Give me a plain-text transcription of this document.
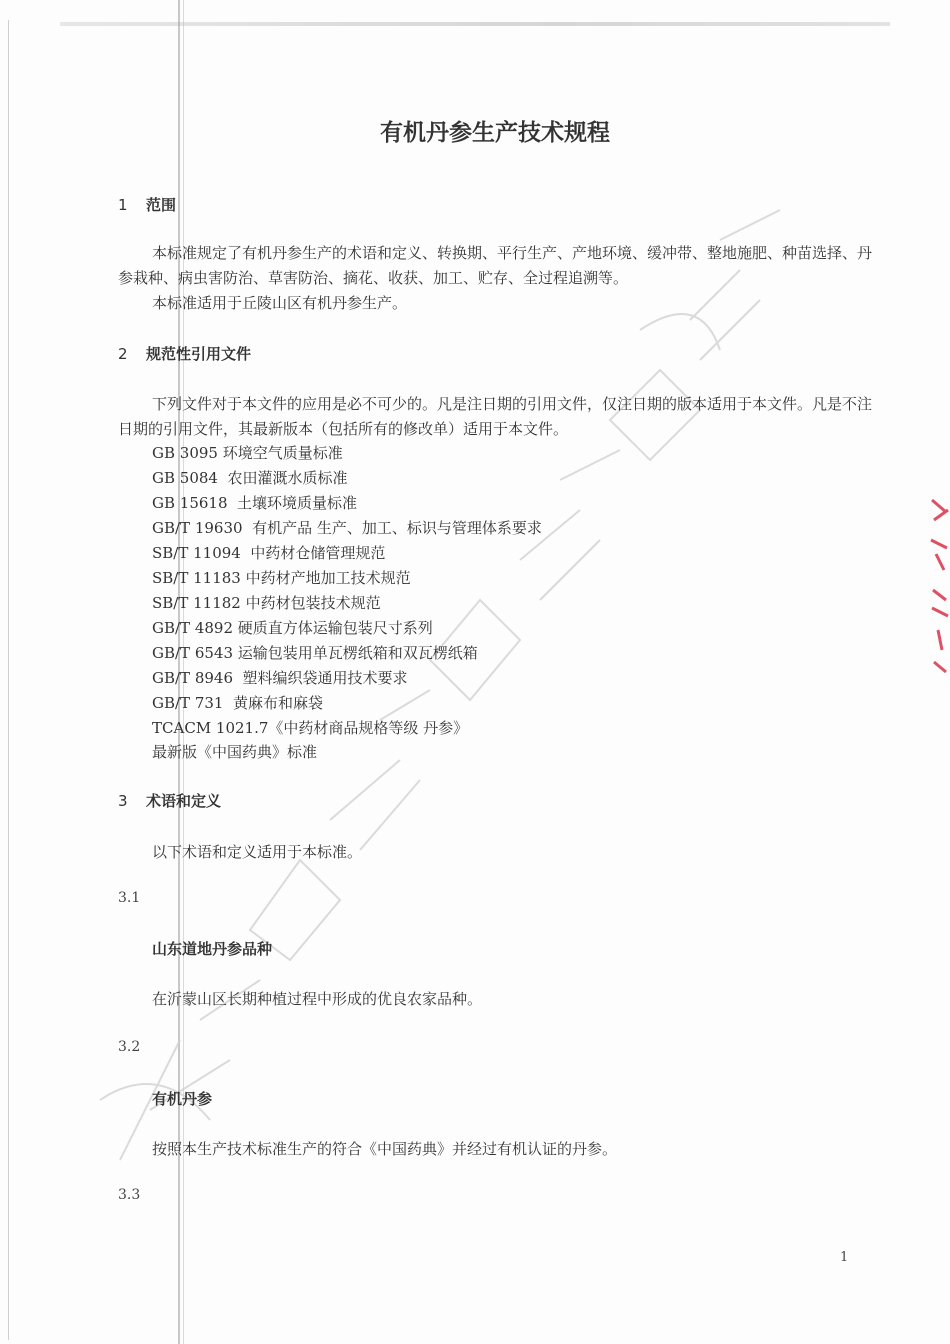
有机丹参生产技术规程
1 范围
本标准规定了有机丹参生产的术语和定义、转换期、平行生产、产地环境、缓冲带、整地施肥、种苗选择、丹参栽种、病虫害防治、草害防治、摘花、收获、加工、贮存、全过程追溯等。
本标准适用于丘陵山区有机丹参生产。
2 规范性引用文件
下列文件对于本文件的应用是必不可少的。凡是注日期的引用文件，仅注日期的版本适用于本文件。凡是不注日期的引用文件，其最新版本（包括所有的修改单）适用于本文件。
GB 3095 环境空气质量标准
GB 5084  农田灌溉水质标准
GB 15618  土壤环境质量标准
GB/T 19630  有机产品 生产、加工、标识与管理体系要求
SB/T 11094  中药材仓储管理规范
SB/T 11183 中药材产地加工技术规范
SB/T 11182 中药材包装技术规范
GB/T 4892 硬质直方体运输包装尺寸系列
GB/T 6543 运输包装用单瓦楞纸箱和双瓦楞纸箱
GB/T 8946  塑料编织袋通用技术要求
GB/T 731  黄麻布和麻袋
TCACM 1021.7《中药材商品规格等级 丹参》
最新版《中国药典》标准
3 术语和定义
以下术语和定义适用于本标准。
3.1
山东道地丹参品种
在沂蒙山区长期种植过程中形成的优良农家品种。
3.2
有机丹参
按照本生产技术标准生产的符合《中国药典》并经过有机认证的丹参。
3.3
1
